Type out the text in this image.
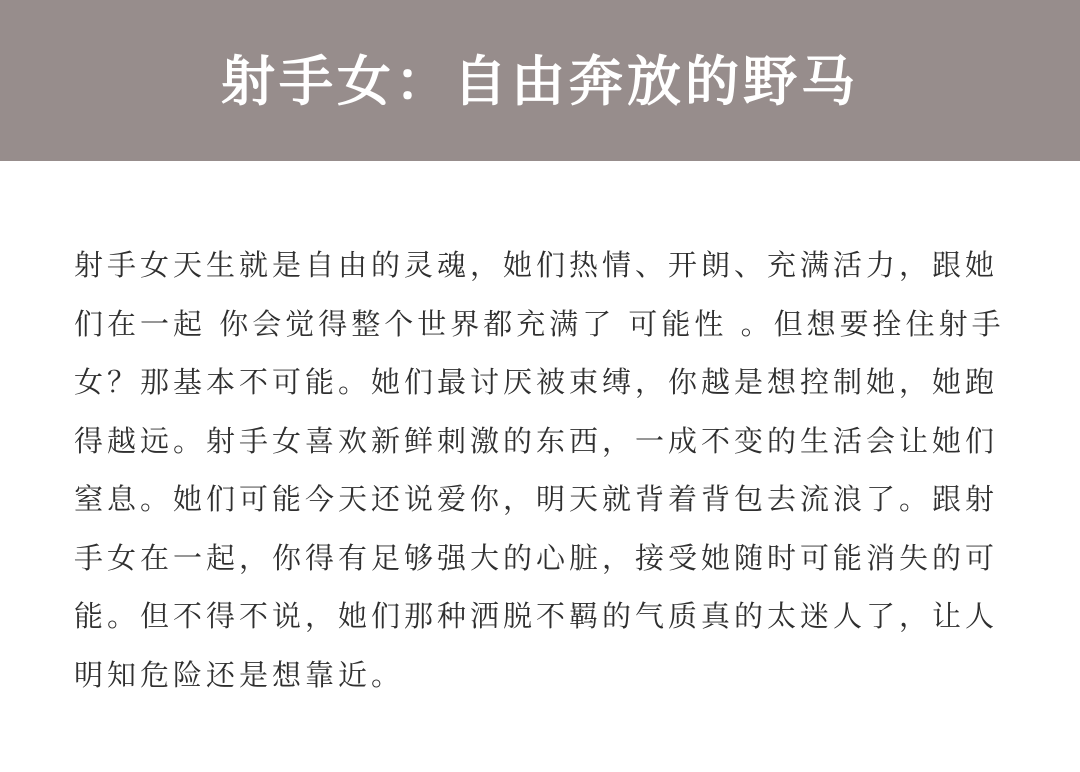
射手女：自由奔放的野马

射手女天生就是自由的灵魂，她们热情、开朗、充满活力，跟她们在一起 你会觉得整个世界都充满了 可能性 。但想要拴住射手女？那基本不可能。她们最讨厌被束缚，你越是想控制她，她跑得越远。射手女喜欢新鲜刺激的东西，一成不变的生活会让她们窒息。她们可能今天还说爱你，明天就背着背包去流浪了。跟射手女在一起，你得有足够强大的心脏，接受她随时可能消失的可能。但不得不说，她们那种洒脱不羁的气质真的太迷人了，让人明知危险还是想靠近。
